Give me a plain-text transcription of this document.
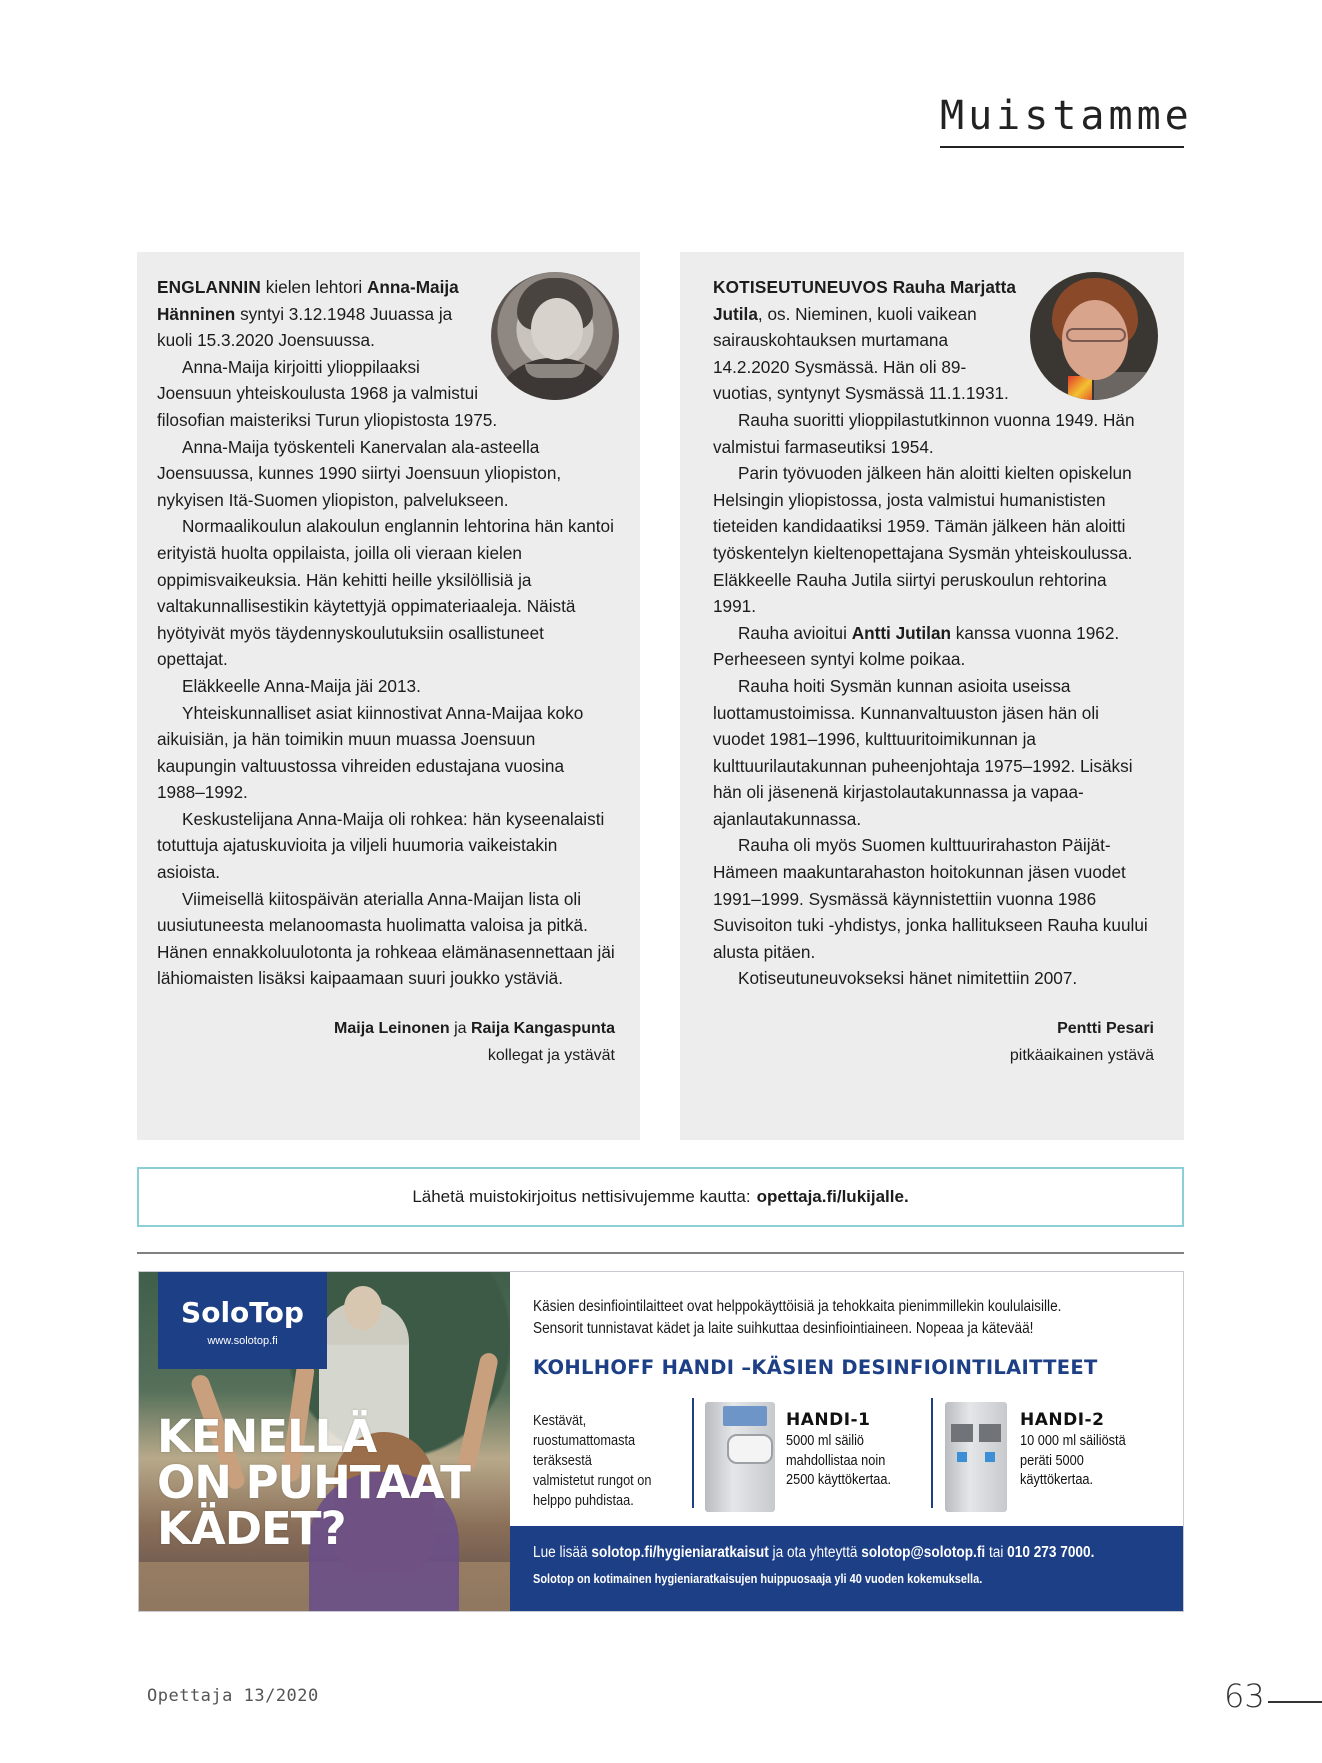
Muistamme

ENGLANNIN kielen lehtori Anna-Maija Hänninen syntyi 3.12.1948 Juuassa ja kuoli 15.3.2020 Joensuussa.

Anna-Maija kirjoitti ylioppilaaksi Joensuun yhteiskoulusta 1968 ja valmistui filosofian maisteriksi Turun yliopistosta 1975.

Anna-Maija työskenteli Kanervalan ala-asteella Joensuussa, kunnes 1990 siirtyi Joensuun yliopiston, nykyisen Itä-Suomen yliopiston, palvelukseen.

Normaalikoulun alakoulun englannin lehtorina hän kantoi erityistä huolta oppilaista, joilla oli vieraan kielen oppimisvaikeuksia. Hän kehitti heille yksilöllisiä ja valtakunnallisestikin käytettyjä oppimateriaaleja. Näistä hyötyivät myös täydennyskoulutuksiin osallistuneet opettajat.

Eläkkeelle Anna-Maija jäi 2013.

Yhteiskunnalliset asiat kiinnostivat Anna-Maijaa koko aikuisiän, ja hän toimikin muun muassa Joensuun kaupungin valtuustossa vihreiden edustajana vuosina 1988–1992.

Keskustelijana Anna-Maija oli rohkea: hän kyseenalaisti totuttuja ajatuskuvioita ja viljeli huumoria vaikeistakin asioista.

Viimeisellä kiitospäivän aterialla Anna-Maijan lista oli uusiutuneesta melanoomasta huolimatta valoisa ja pitkä. Hänen ennakkoluulotonta ja rohkeaa elämänasennettaan jäi lähiomaisten lisäksi kaipaamaan suuri joukko ystäviä.

Maija Leinonen ja Raija Kangaspunta
kollegat ja ystävät

KOTISEUTUNEUVOS Rauha Marjatta Jutila, os. Nieminen, kuoli vaikean sairauskohtauksen murtamana 14.2.2020 Sysmässä. Hän oli 89-vuotias, syntynyt Sysmässä 11.1.1931.

Rauha suoritti ylioppilastutkinnon vuonna 1949. Hän valmistui farmaseutiksi 1954.

Parin työvuoden jälkeen hän aloitti kielten opiskelun Helsingin yliopistossa, josta valmistui humanististen tieteiden kandidaatiksi 1959. Tämän jälkeen hän aloitti työskentelyn kieltenopettajana Sysmän yhteiskoulussa. Eläkkeelle Rauha Jutila siirtyi peruskoulun rehtorina 1991.

Rauha avioitui Antti Jutilan kanssa vuonna 1962. Perheeseen syntyi kolme poikaa.

Rauha hoiti Sysmän kunnan asioita useissa luottamustoimissa. Kunnanvaltuuston jäsen hän oli vuodet 1981–1996, kulttuuritoimikunnan ja kulttuurilautakunnan puheenjohtaja 1975–1992. Lisäksi hän oli jäsenenä kirjastolautakunnassa ja vapaa-ajanlautakunnassa.

Rauha oli myös Suomen kulttuurirahaston Päijät-Hämeen maakuntarahaston hoitokunnan jäsen vuodet 1991–1999. Sysmässä käynnistettiin vuonna 1986 Suvisoiton tuki -yhdistys, jonka hallitukseen Rauha kuului alusta pitäen.

Kotiseutuneuvokseksi hänet nimitettiin 2007.

Pentti Pesari
pitkäaikainen ystävä
Lähetä muistokirjoitus nettisivujemme kautta: opettaja.fi/lukijalle.
SoloTop
www.solotop.fi
KENELLÄ
ON PUHTAAT
KÄDET?
Käsien desinfiointilaitteet ovat helppokäyttöisiä ja tehokkaita pienimmillekin koululaisille.
Sensorit tunnistavat kädet ja laite suihkuttaa desinfiointiaineen. Nopeaa ja kätevää!
KOHLHOFF HANDI –KÄSIEN DESINFIOINTILAITTEET
Kestävät, ruostumattomasta teräksestä valmistetut rungot on helppo puhdistaa.
HANDI-1
5000 ml säiliö
mahdollistaa noin
2500 käyttökertaa.
HANDI-2
10 000 ml säiliöstä
peräti 5000
käyttökertaa.
Lue lisää solotop.fi/hygieniaratkaisut ja ota yhteyttä solotop@solotop.fi tai 010 273 7000.
Solotop on kotimainen hygieniaratkaisujen huippuosaaja yli 40 vuoden kokemuksella.
Opettaja 13/2020	63
